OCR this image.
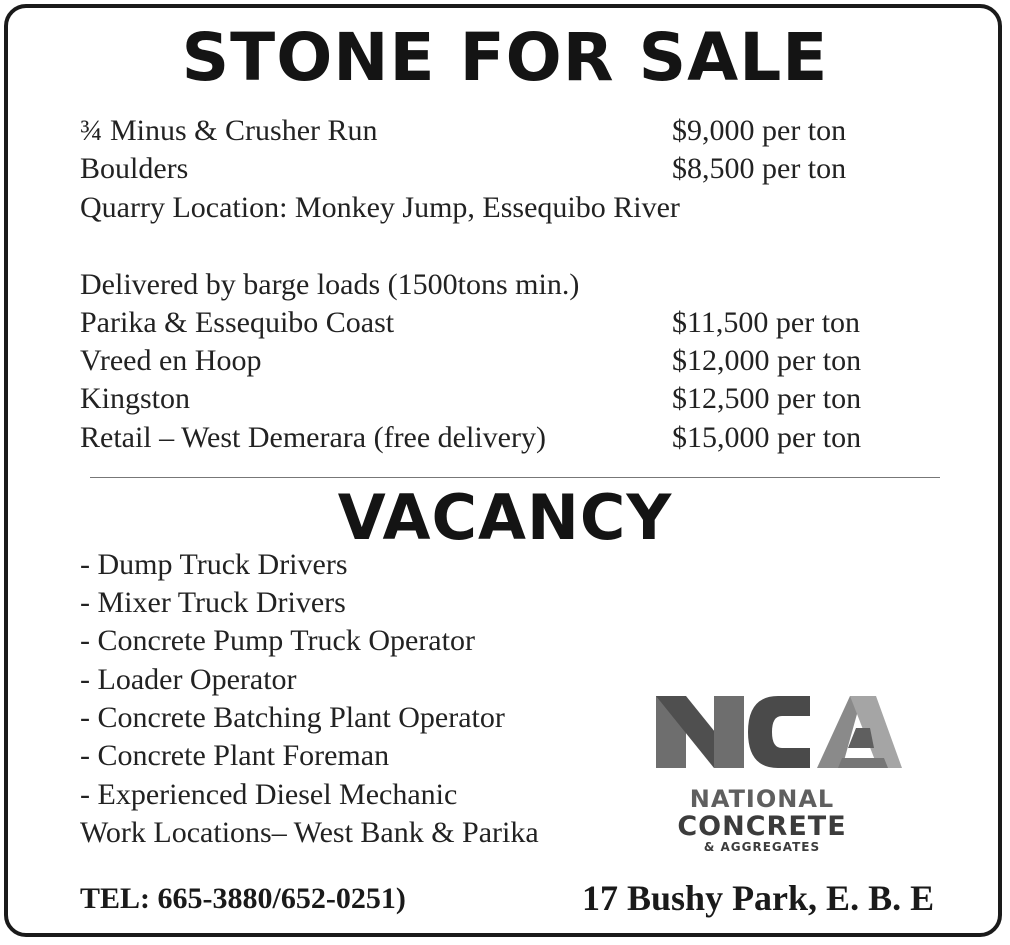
STONE FOR SALE
¾ Minus & Crusher Run	$9,000 per ton
Boulders	$8,500 per ton
Quarry Location: Monkey Jump, Essequibo River
Delivered by barge loads (1500tons min.)
Parika & Essequibo Coast	$11,500 per ton
Vreed en Hoop	$12,000 per ton
Kingston	$12,500 per ton
Retail – West Demerara (free delivery)	$15,000 per ton
VACANCY
- Dump Truck Drivers
- Mixer Truck Drivers
- Concrete Pump Truck Operator
- Loader Operator
- Concrete Batching Plant Operator
- Concrete Plant Foreman
- Experienced Diesel Mechanic
Work Locations– West Bank & Parika
NATIONAL
CONCRETE
& AGGREGATES
TEL: 665-3880/652-0251)	17 Bushy Park, E. B. E
